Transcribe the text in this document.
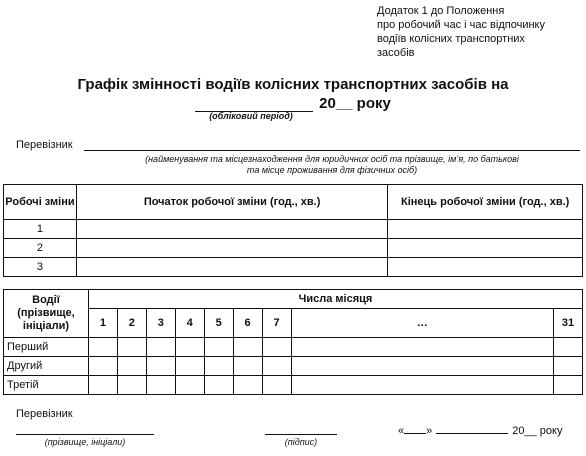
Додаток 1 до Положення
про робочий час і час відпочинку
водіїв колісних транспортних
засобів
Графік змінності водіїв колісних транспортних засобів на
20__ року
(обліковий період)
Перевізник
(найменування та місцезнаходження для юридичних осіб та прізвище, ім’я, по батькові
та місце проживання для фізичних осіб)
Робочі зміни	Початок робочої зміни (год., хв.)	Кінець робочої зміни (год., хв.)
1		
2		
3		
Водії (прізвище, ініціали)	Числа місяця								
	1	2	3	4	5	6	7	…	31
Перший									
Другий									
Третій									
Перевізник
(прізвище, ініціали)	(підпис)
« »	20__ року
